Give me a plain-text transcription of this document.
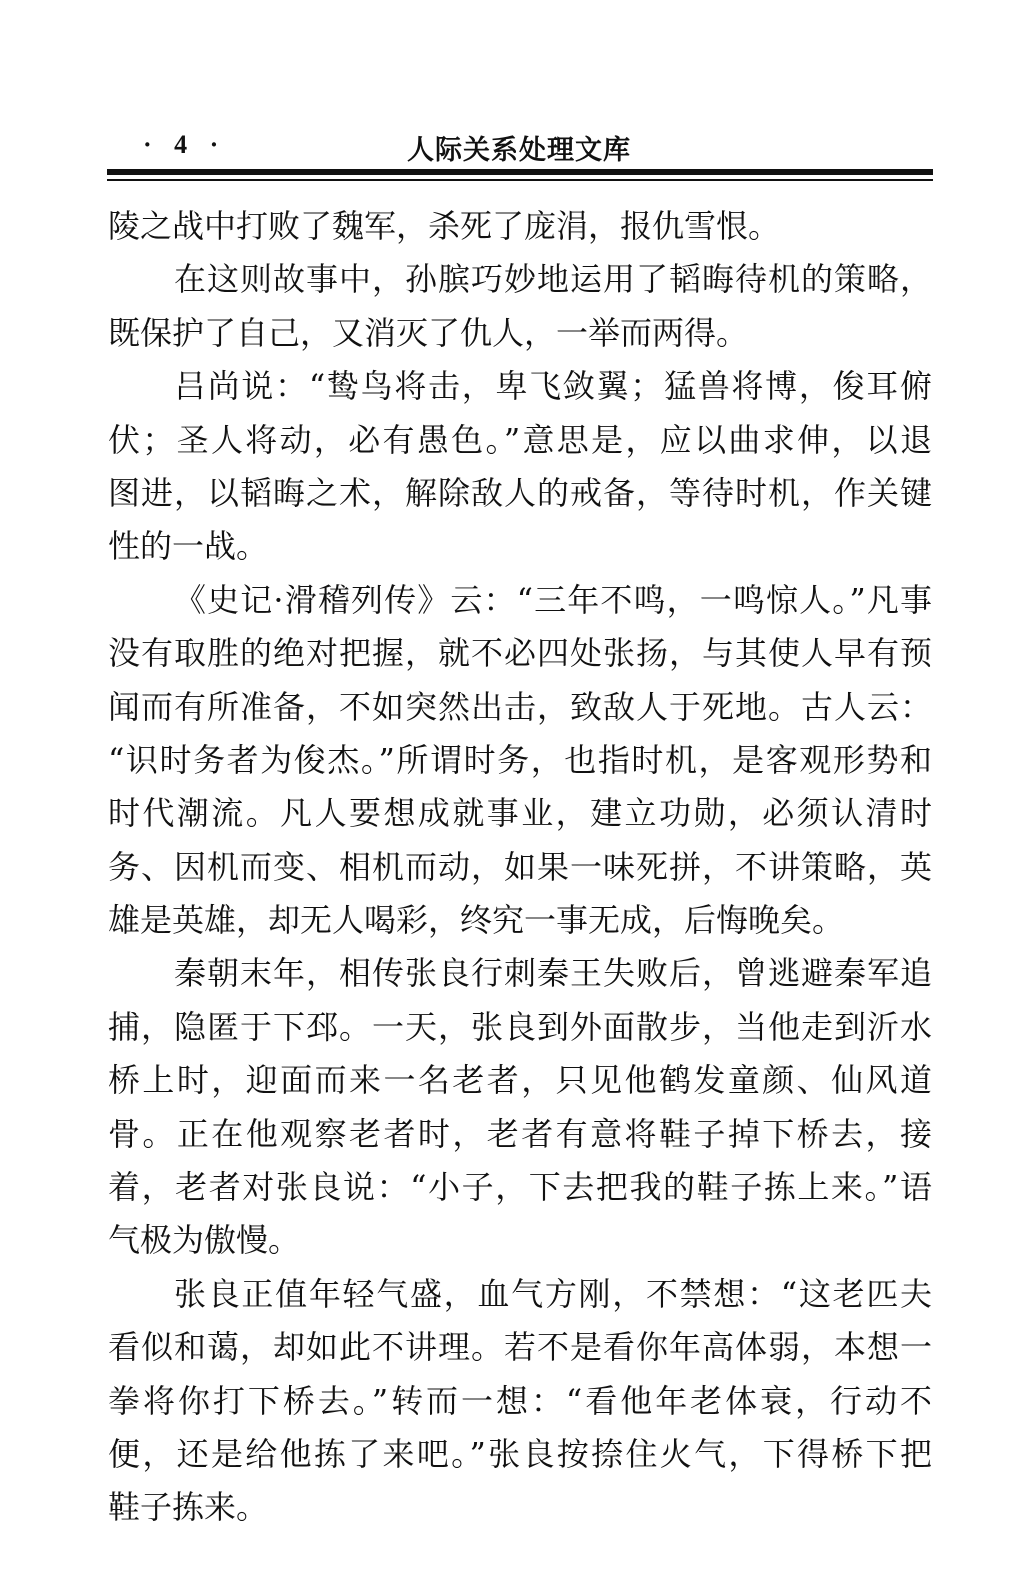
· 4 ·	人际关系处理文库
陵之战中打败了魏军，杀死了庞涓，报仇雪恨。
在这则故事中，孙膑巧妙地运用了韬晦待机的策略，
既保护了自己，又消灭了仇人，一举而两得。
吕尚说：“鸷鸟将击，卑飞敛翼；猛兽将博，俊耳俯
伏；圣人将动，必有愚色。”意思是，应以曲求伸，以退
图进，以韬晦之术，解除敌人的戒备，等待时机，作关键
性的一战。
《史记·滑稽列传》云：“三年不鸣，一鸣惊人。”凡事
没有取胜的绝对把握，就不必四处张扬，与其使人早有预
闻而有所准备，不如突然出击，致敌人于死地。古人云：
“识时务者为俊杰。”所谓时务，也指时机，是客观形势和
时代潮流。凡人要想成就事业，建立功勋，必须认清时
务、因机而变、相机而动，如果一味死拼，不讲策略，英
雄是英雄，却无人喝彩，终究一事无成，后悔晚矣。
秦朝末年，相传张良行刺秦王失败后，曾逃避秦军追
捕，隐匿于下邳。一天，张良到外面散步，当他走到沂水
桥上时，迎面而来一名老者，只见他鹤发童颜、仙风道
骨。正在他观察老者时，老者有意将鞋子掉下桥去，接
着，老者对张良说：“小子，下去把我的鞋子拣上来。”语
气极为傲慢。
张良正值年轻气盛，血气方刚，不禁想：“这老匹夫
看似和蔼，却如此不讲理。若不是看你年高体弱，本想一
拳将你打下桥去。”转而一想：“看他年老体衰，行动不
便，还是给他拣了来吧。”张良按捺住火气，下得桥下把
鞋子拣来。
